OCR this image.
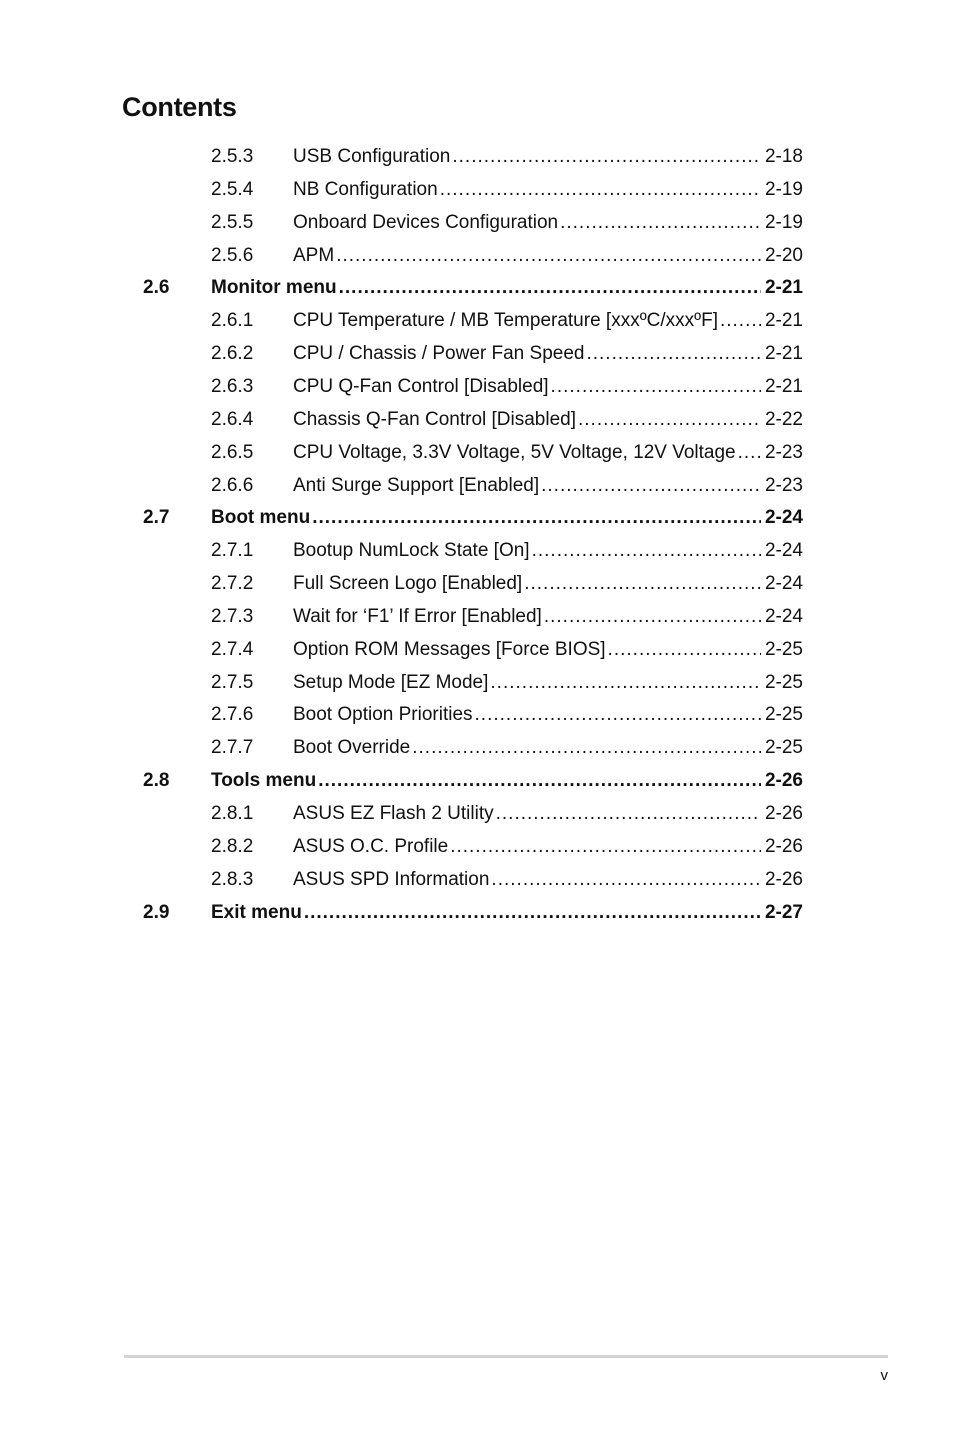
Contents
2.5.3 USB Configuration .....	2-18
2.5.4 NB Configuration .....	2-19
2.5.5 Onboard Devices Configuration .....	2-19
2.5.6 APM .....	2-20
2.6 Monitor menu .....	2-21
2.6.1 CPU Temperature / MB Temperature [xxxºC/xxxºF] ..... 2-21
2.6.2 CPU / Chassis / Power Fan Speed .....	2-21
2.6.3 CPU Q-Fan Control [Disabled] .....	2-21
2.6.4 Chassis Q-Fan Control [Disabled] .....	2-22
2.6.5 CPU Voltage, 3.3V Voltage, 5V Voltage, 12V Voltage ..... 2-23
2.6.6 Anti Surge Support [Enabled] .....	2-23
2.7 Boot menu .....	2-24
2.7.1 Bootup NumLock State [On] .....	2-24
2.7.2 Full Screen Logo [Enabled] .....	2-24
2.7.3 Wait for ‘F1’ If Error [Enabled] .....	2-24
2.7.4 Option ROM Messages [Force BIOS] .....	2-25
2.7.5 Setup Mode [EZ Mode] .....	2-25
2.7.6 Boot Option Priorities .....	2-25
2.7.7 Boot Override .....	2-25
2.8 Tools menu .....	2-26
2.8.1 ASUS EZ Flash 2 Utility .....	2-26
2.8.2 ASUS O.C. Profile .....	2-26
2.8.3 ASUS SPD Information .....	2-26
2.9 Exit menu .....	2-27
v
